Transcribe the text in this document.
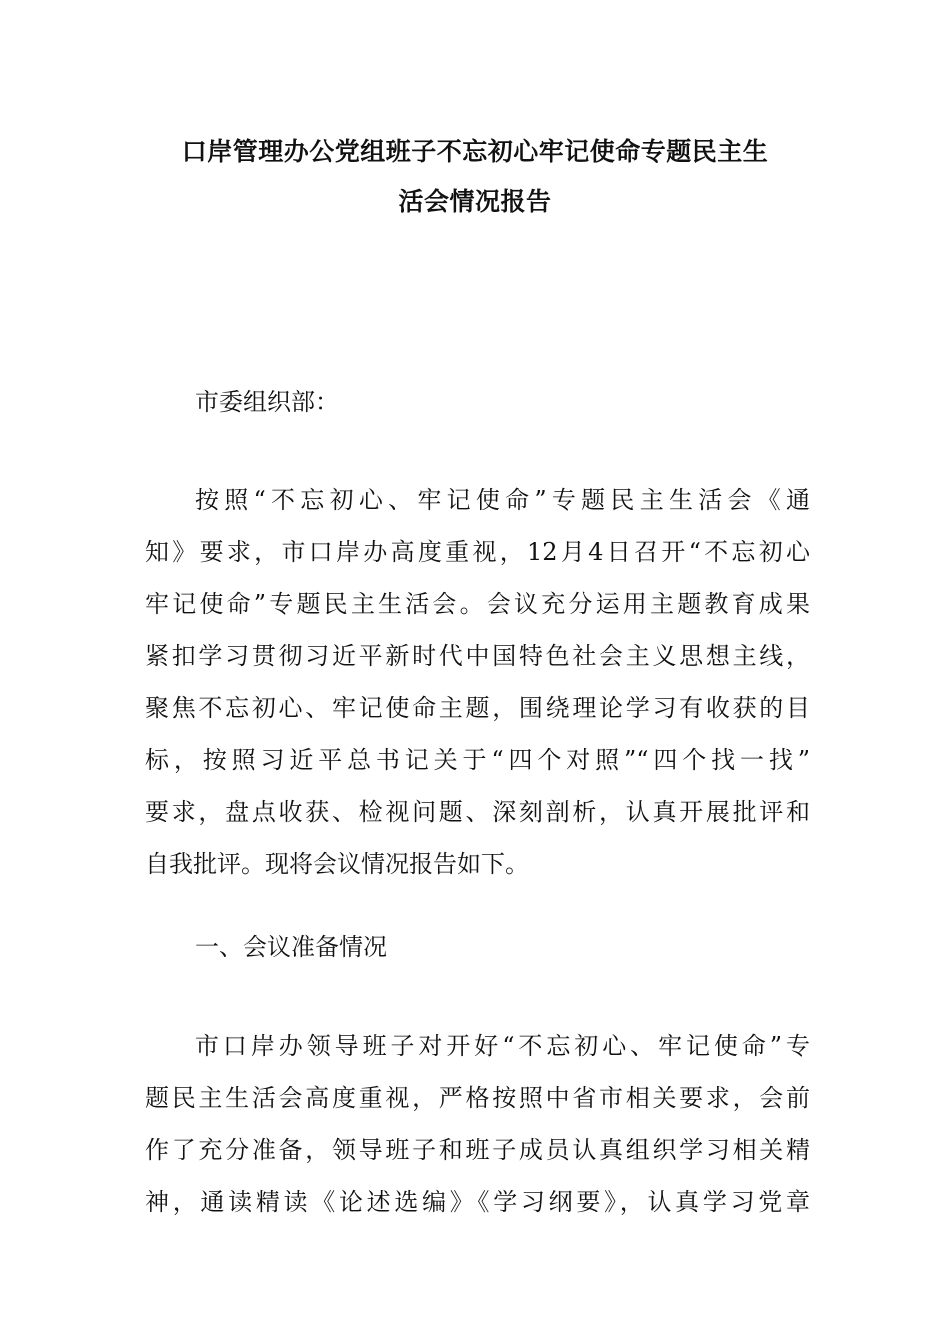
口岸管理办公党组班子不忘初心牢记使命专题民主生
活会情况报告
市委组织部：
按照“不忘初心、牢记使命”专题民主生活会《通
知》要求，市口岸办高度重视，12月4日召开“不忘初心
牢记使命”专题民主生活会。会议充分运用主题教育成果
紧扣学习贯彻习近平新时代中国特色社会主义思想主线，
聚焦不忘初心、牢记使命主题，围绕理论学习有收获的目
标，按照习近平总书记关于“四个对照”“四个找一找”
要求，盘点收获、检视问题、深刻剖析，认真开展批评和
自我批评。现将会议情况报告如下。
一、会议准备情况
市口岸办领导班子对开好“不忘初心、牢记使命”专
题民主生活会高度重视，严格按照中省市相关要求，会前
作了充分准备，领导班子和班子成员认真组织学习相关精
神，通读精读《论述选编》《学习纲要》，认真学习党章
